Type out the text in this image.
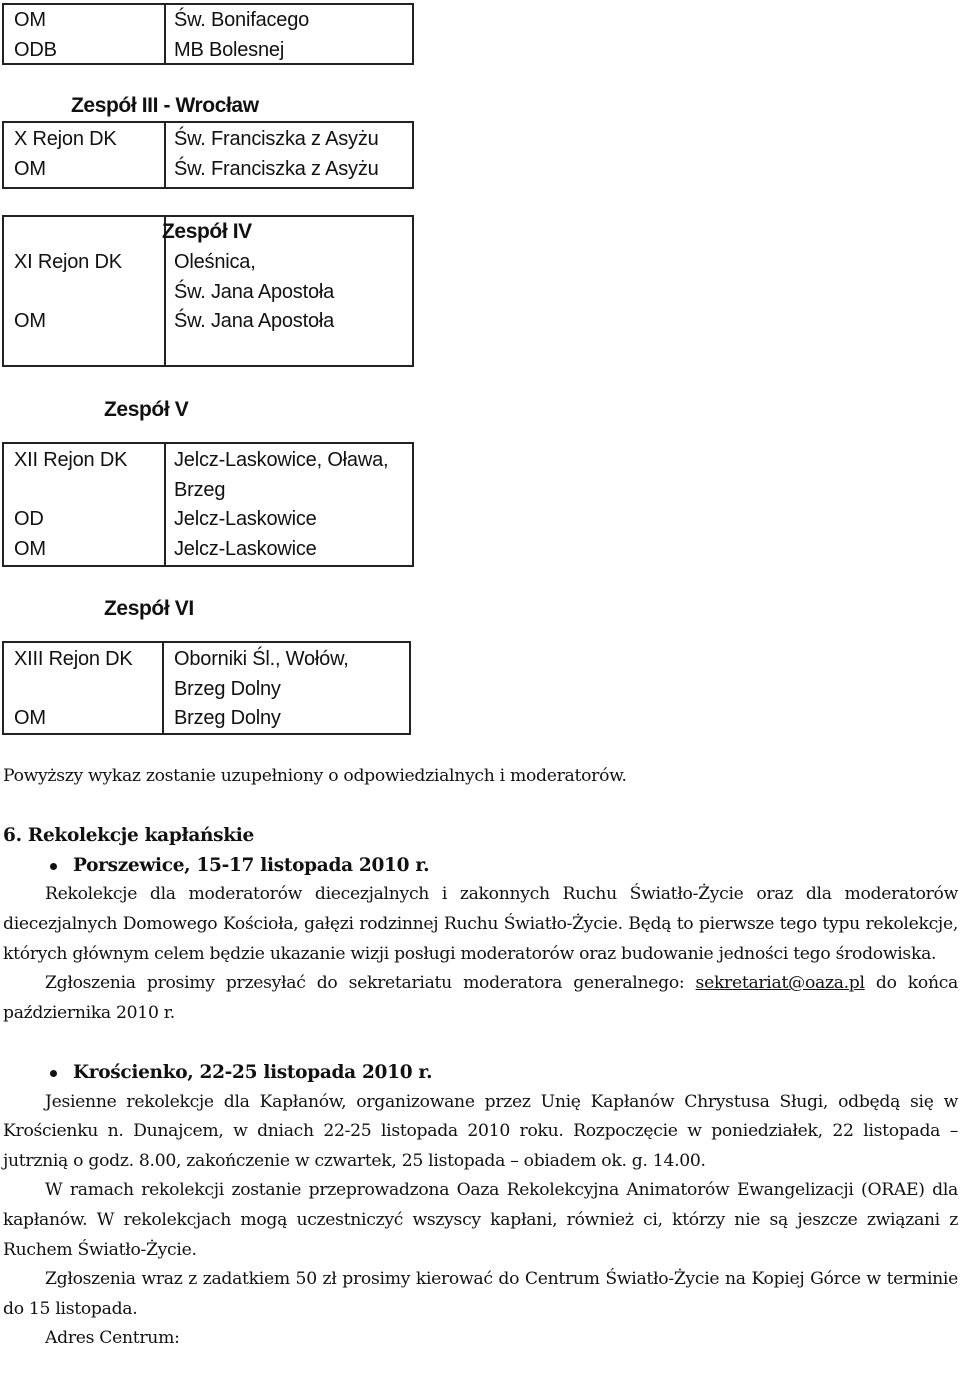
OM
ODB
Św. Bonifacego
MB Bolesnej
Zespół III - Wrocław
X Rejon DK
OM
Św. Franciszka z Asyżu
Św. Franciszka z Asyżu
Zespół IV
XI Rejon DK
OM
Oleśnica,
Św. Jana Apostoła
Św. Jana Apostoła
Zespół V
XII Rejon DK
OD
OM
Jelcz-Laskowice, Oława,
Brzeg
Jelcz-Laskowice
Jelcz-Laskowice
Zespół VI
XIII Rejon DK
OM
Oborniki Śl., Wołów,
Brzeg Dolny
Brzeg Dolny

Powyższy wykaz zostanie uzupełniony o odpowiedzialnych i moderatorów.

6. Rekolekcje kapłańskie

Porszewice, 15-17 listopada 2010 r.

Rekolekcje dla moderatorów diecezjalnych i zakonnych Ruchu Światło-Życie oraz dla moderatorów diecezjalnych Domowego Kościoła, gałęzi rodzinnej Ruchu Światło-Życie. Będą to pierwsze tego typu rekolekcje, których głównym celem będzie ukazanie wizji posługi moderatorów oraz budowanie jedności tego środowiska.

Zgłoszenia prosimy przesyłać do sekretariatu moderatora generalnego: sekretariat@oaza.pl do końca października 2010 r.

Krościenko, 22-25 listopada 2010 r.

Jesienne rekolekcje dla Kapłanów, organizowane przez Unię Kapłanów Chrystusa Sługi, odbędą się w Krościenku n. Dunajcem, w dniach 22-25 listopada 2010 roku. Rozpoczęcie w poniedziałek, 22 listopada – jutrznią o godz. 8.00, zakończenie w czwartek, 25 listopada – obiadem ok. g. 14.00.

W ramach rekolekcji zostanie przeprowadzona Oaza Rekolekcyjna Animatorów Ewangelizacji (ORAE) dla kapłanów. W rekolekcjach mogą uczestniczyć wszyscy kapłani, również ci, którzy nie są jeszcze związani z Ruchem Światło-Życie.

Zgłoszenia wraz z zadatkiem 50 zł prosimy kierować do Centrum Światło-Życie na Kopiej Górce w terminie do 15 listopada.

Adres Centrum:
